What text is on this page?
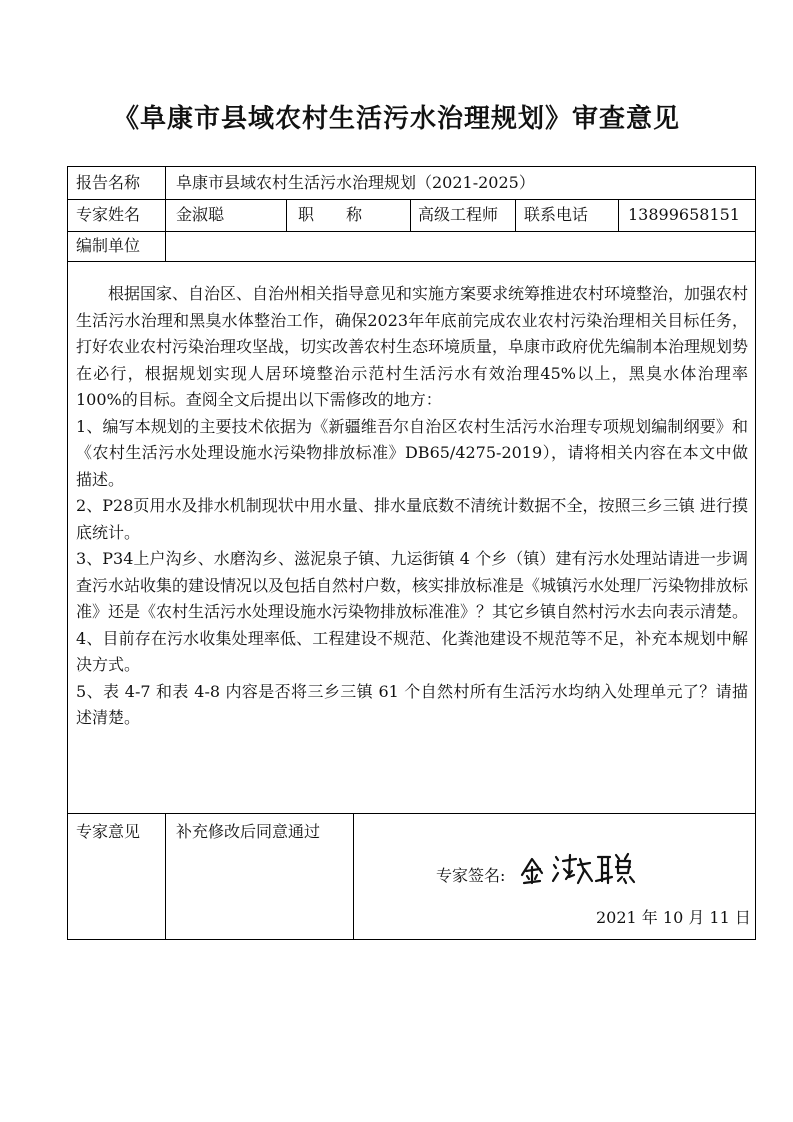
《阜康市县域农村生活污水治理规划》审查意见
报告名称 阜康市县域农村生活污水治理规划（2021-2025）
专家姓名 金淑聪	职　　称	高级工程师 联系电话 13899658151
编制单位

根据国家、自治区、自治州相关指导意见和实施方案要求统筹推进农村环境整治，加强农村生活污水治理和黑臭水体整治工作，确保2023年年底前完成农业农村污染治理相关目标任务，打好农业农村污染治理攻坚战，切实改善农村生态环境质量，阜康市政府优先编制本治理规划势在必行，根据规划实现人居环境整治示范村生活污水有效治理45%以上，黑臭水体治理率100%的目标。查阅全文后提出以下需修改的地方：

1、编写本规划的主要技术依据为《新疆维吾尔自治区农村生活污水治理专项规划编制纲要》和《农村生活污水处理设施水污染物排放标准》DB65/4275-2019），请将相关内容在本文中做描述。

2、P28页用水及排水机制现状中用水量、排水量底数不清统计数据不全，按照三乡三镇 进行摸底统计。

3、P34上户沟乡、水磨沟乡、滋泥泉子镇、九运街镇 4 个乡（镇）建有污水处理站请进一步调查污水站收集的建设情况以及包括自然村户数，核实排放标准是《城镇污水处理厂污染物排放标准》还是《农村生活污水处理设施水污染物排放标准准》？其它乡镇自然村污水去向表示清楚。

4、目前存在污水收集处理率低、工程建设不规范、化粪池建设不规范等不足，补充本规划中解决方式。

5、表 4-7 和表 4-8 内容是否将三乡三镇 61 个自然村所有生活污水均纳入处理单元了？请描述清楚。

专家意见 补充修改后同意通过
专家签名:
2021 年 10 月 11 日
